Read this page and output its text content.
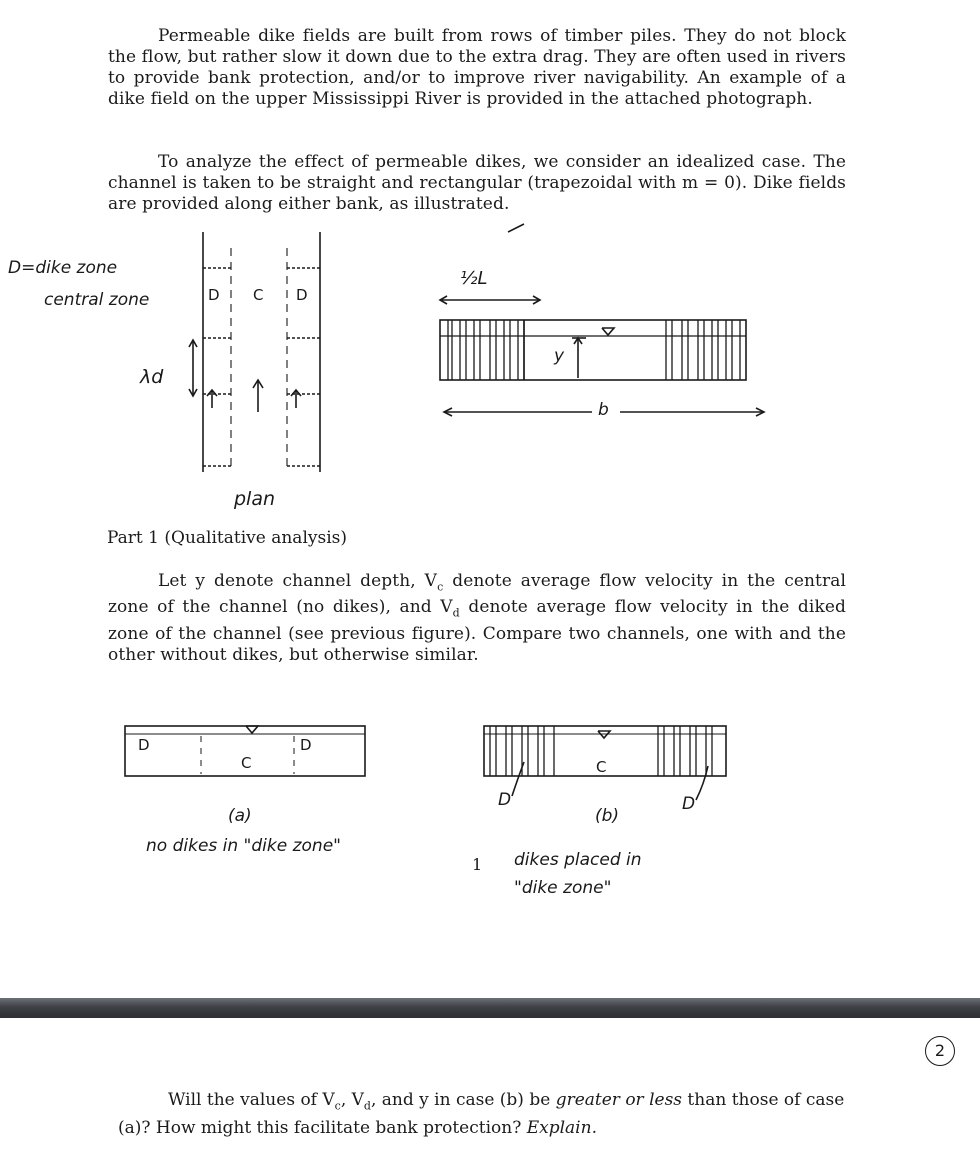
Permeable dike fields are built from rows of timber piles. They do not block the flow, but rather slow it down due to the extra drag. They are often used in rivers to provide bank protection, and/or to improve river navigability. An example of a dike field on the upper Mississippi River is provided in the attached photograph.
To analyze the effect of permeable dikes, we consider an idealized case. The channel is taken to be straight and rectangular (trapezoidal with m = 0). Dike fields are provided along either bank, as illustrated.
D=dike zone
central zone
λd
D C D
plan
½L
y
b
Part 1 (Qualitative analysis)
Let y denote channel depth, $V_c$ denote average flow velocity in the central zone of the channel (no dikes), and $V_d$ denote average flow velocity in the diked zone of the channel (see previous figure). Compare two channels, one with and the other without dikes, but otherwise similar.
D
C
D
(a)
no dikes in "dike zone"
C
D	D
(b)
1 dikes placed in "dike zone"
2
Will the values of $V_c$, $V_d$, and y in case (b) be greater or less than those of case (a)? How might this facilitate bank protection? Explain.
